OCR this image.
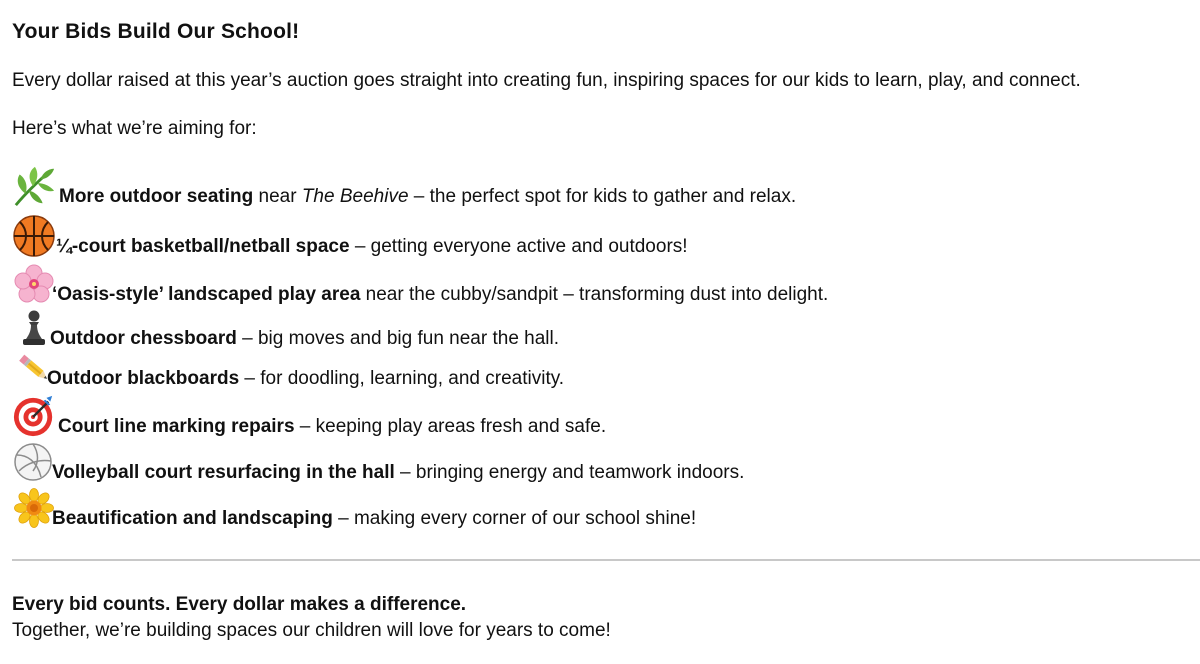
Your Bids Build Our School!
Every dollar raised at this year’s auction goes straight into creating fun, inspiring spaces for our kids to learn, play, and connect.
Here’s what we’re aiming for:
More outdoor seating near The Beehive – the perfect spot for kids to gather and relax.
¼-court basketball/netball space – getting everyone active and outdoors!
‘Oasis-style’ landscaped play area near the cubby/sandpit – transforming dust into delight.
Outdoor chessboard – big moves and big fun near the hall.
Outdoor blackboards – for doodling, learning, and creativity.
Court line marking repairs – keeping play areas fresh and safe.
Volleyball court resurfacing in the hall – bringing energy and teamwork indoors.
Beautification and landscaping – making every corner of our school shine!
Every bid counts. Every dollar makes a difference.
Together, we’re building spaces our children will love for years to come!
